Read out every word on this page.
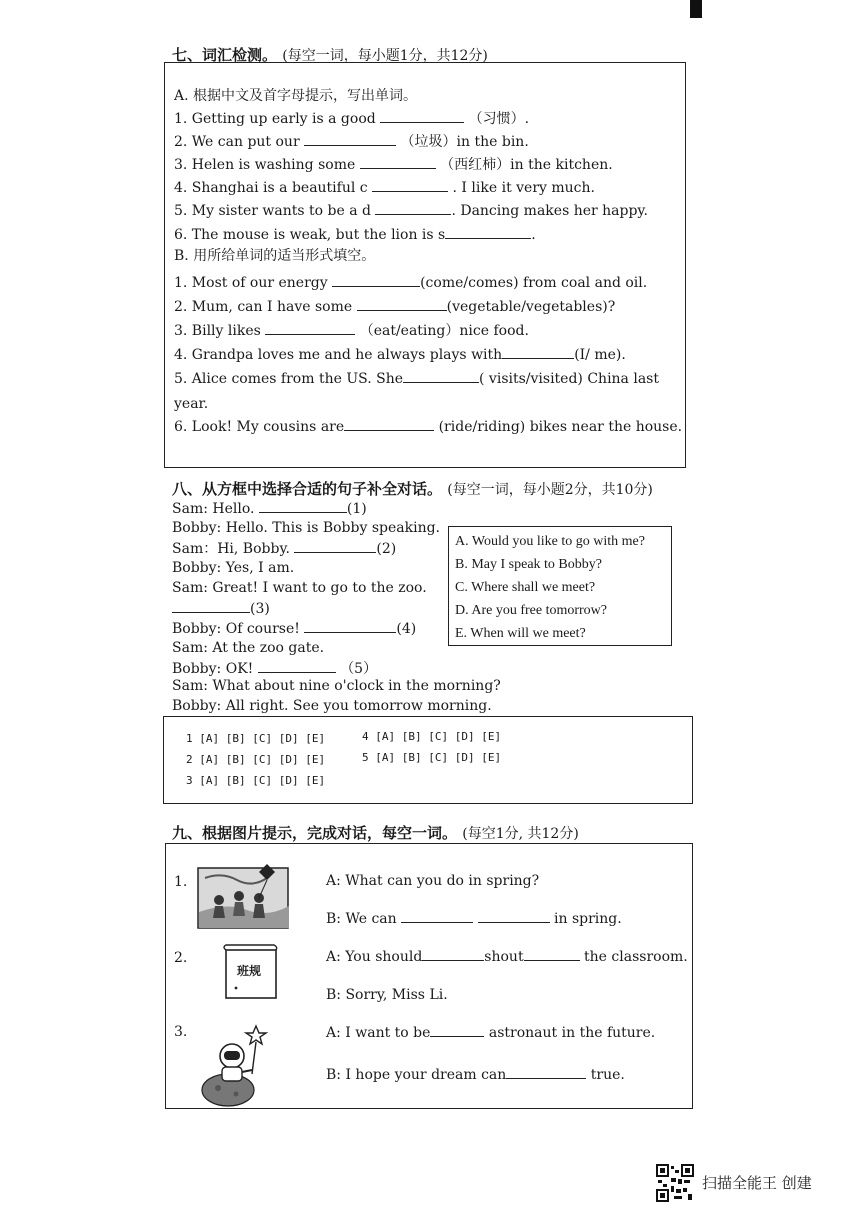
七、词汇检测。 (每空一词，每小题1分，共12分)
A. 根据中文及首字母提示，写出单词。
1. Getting up early is a good	（习惯）.
2. We can put our	（垃圾）in the bin.
3. Helen is washing some	（西红柿）in the kitchen.
4. Shanghai is a beautiful c	. I like it very much.
5. My sister wants to be a d	. Dancing makes her happy.
6. The mouse is weak, but the lion is s	.
B. 用所给单词的适当形式填空。
1. Most of our energy	(come/comes) from coal and oil.
2. Mum, can I have some	(vegetable/vegetables)?
3. Billy likes	（eat/eating）nice food.
4. Grandpa loves me and he always plays with	(I/ me).
5. Alice comes from the US. She	( visits/visited) China last
year.
6. Look! My cousins are	(ride/riding) bikes near the house.
八、从方框中选择合适的句子补全对话。 (每空一词，每小题2分，共10分)
Sam: Hello.	(1)
Bobby: Hello. This is Bobby speaking.
Sam：Hi, Bobby.	(2)
Bobby: Yes, I am.
Sam: Great! I want to go to the zoo.
(3)
Bobby: Of course!	(4)
Sam: At the zoo gate.
Bobby: OK!	（5）
Sam: What about nine o'clock in the morning?
Bobby: All right. See you tomorrow morning.
A. Would you like to go with me?
B. May I speak to Bobby?
C. Where shall we meet?
D. Are you free tomorrow?
E. When will we meet?
1 [A] [B] [C] [D] [E]
2 [A] [B] [C] [D] [E]
3 [A] [B] [C] [D] [E]
4 [A] [B] [C] [D] [E]
5 [A] [B] [C] [D] [E]
九、根据图片提示，完成对话，每空一词。 (每空1分, 共12分)
1.	A: What can you do in spring?
B: We can	in spring.
2.
班规
A: You should	shout	the classroom.
B: Sorry, Miss Li.
3.	A: I want to be	astronaut in the future.
B: I hope your dream can	true.
扫描全能王 创建
